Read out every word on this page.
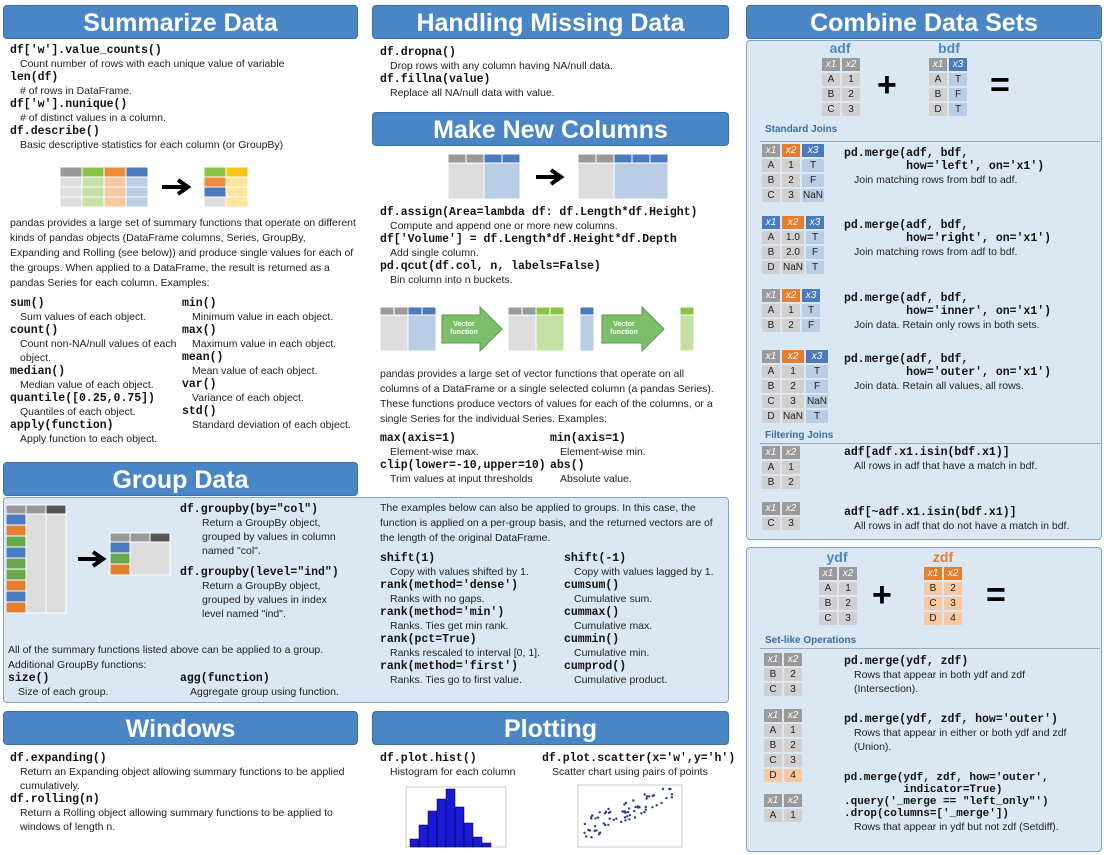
Summarize Data
df['w'].value_counts()
Count number of rows with each unique value of variable
len(df)
# of rows in DataFrame.
df['w'].nunique()
# of distinct values in a column.
df.describe()
Basic descriptive statistics for each column (or GroupBy)
pandas provides a large set of summary functions that operate on different kinds of pandas objects (DataFrame columns, Series, GroupBy, Expanding and Rolling (see below)) and produce single values for each of the groups. When applied to a DataFrame, the result is returned as a pandas Series for each column. Examples:
sum()
Sum values of each object.
count()
Count non-NA/null values of each object.
median()
Median value of each object.
quantile([0.25,0.75])
Quantiles of each object.
apply(function)
Apply function to each object.
min()
Minimum value in each object.
max()
Maximum value in each object.
mean()
Mean value of each object.
var()
Variance of each object.
std()
Standard deviation of each object.
Handling Missing Data
df.dropna()
Drop rows with any column having NA/null data.
df.fillna(value)
Replace all NA/null data with value.
Make New Columns
df.assign(Area=lambda df: df.Length*df.Height)
Compute and append one or more new columns.
df['Volume'] = df.Length*df.Height*df.Depth
Add single column.
pd.qcut(df.col, n, labels=False)
Bin column into n buckets.
Vector function
Vector function
pandas provides a large set of vector functions that operate on all columns of a DataFrame or a single selected column (a pandas Series). These functions produce vectors of values for each of the columns, or a single Series for the individual Series. Examples:
max(axis=1)
Element-wise max.
clip(lower=-10,upper=10)
Trim values at input thresholds
min(axis=1)
Element-wise min.
abs()
Absolute value.
Group Data
df.groupby(by="col")
Return a GroupBy object, grouped by values in column named "col".
df.groupby(level="ind")
Return a GroupBy object, grouped by values in index level named "ind".
All of the summary functions listed above can be applied to a group. Additional GroupBy functions:
size()
Size of each group.
agg(function)
Aggregate group using function.
The examples below can also be applied to groups. In this case, the function is applied on a per-group basis, and the returned vectors are of the length of the original DataFrame.
shift(1)
Copy with values shifted by 1.
rank(method='dense')
Ranks with no gaps.
rank(method='min')
Ranks. Ties get min rank.
rank(pct=True)
Ranks rescaled to interval [0, 1].
rank(method='first')
Ranks. Ties go to first value.
shift(-1)
Copy with values lagged by 1.
cumsum()
Cumulative sum.
cummax()
Cumulative max.
cummin()
Cumulative min.
cumprod()
Cumulative product.
Windows
df.expanding()
Return an Expanding object allowing summary functions to be applied cumulatively.
df.rolling(n)
Return a Rolling object allowing summary functions to be applied to windows of length n.
Plotting
df.plot.hist()
Histogram for each column
df.plot.scatter(x='w',y='h')
Scatter chart using pairs of points
Combine Data Sets
adf	bdf
x1	x2
A	1
B	2
C	3
+
x1	x3
A	T
B	F
D	T
=
Standard Joins
x1	x2	x3
A	1	T
B	2	F
C	3	NaN
pd.merge(adf, bdf,
how='left', on='x1')
Join matching rows from bdf to adf.
x1	x2	x3
A	1.0	T
B	2.0	F
D	NaN	T
pd.merge(adf, bdf,
how='right', on='x1')
Join matching rows from adf to bdf.
x1	x2	x3
A	1	T
B	2	F
pd.merge(adf, bdf,
how='inner', on='x1')
Join data. Retain only rows in both sets.
x1	x2	x3
A	1	T
B	2	F
C	3	NaN
D	NaN	T
pd.merge(adf, bdf,
how='outer', on='x1')
Join data. Retain all values, all rows.
Filtering Joins
x1	x2
A	1
B	2
adf[adf.x1.isin(bdf.x1)]
All rows in adf that have a match in bdf.
x1	x2
C	3
adf[~adf.x1.isin(bdf.x1)]
All rows in adf that do not have a match in bdf.
ydf	zdf
x1	x2
A	1
B	2
C	3
+
x1	x2
B	2
C	3
D	4
=
Set-like Operations
x1	x2
B	2
C	3
pd.merge(ydf, zdf)
Rows that appear in both ydf and zdf (Intersection).
x1	x2
A	1
B	2
C	3
D	4
pd.merge(ydf, zdf, how='outer')
Rows that appear in either or both ydf and zdf (Union).
x1	x2
A	1
pd.merge(ydf, zdf, how='outer',
indicator=True)
.query('_merge == "left_only"')
.drop(columns=['_merge'])
Rows that appear in ydf but not zdf (Setdiff).
